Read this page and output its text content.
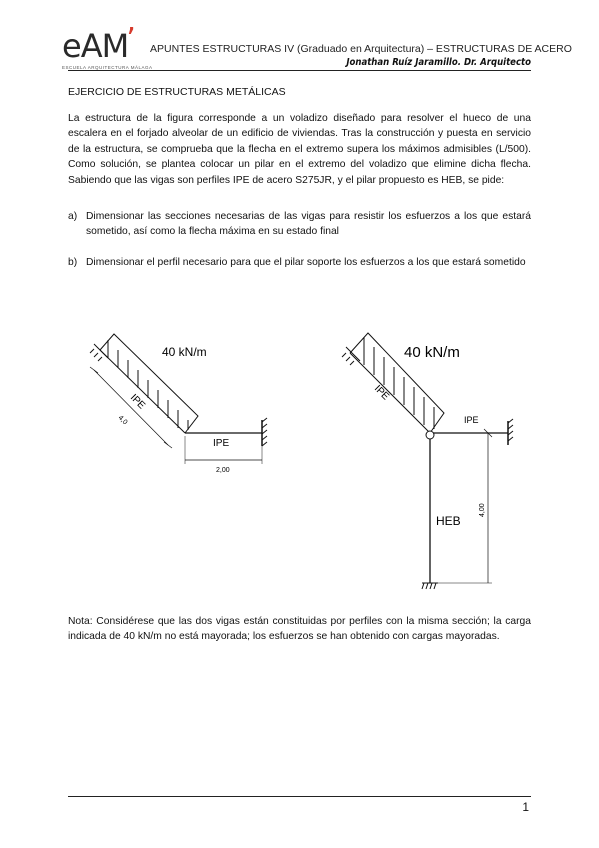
eAM’
ESCUELA ARQUITECTURA MÁLAGA
APUNTES ESTRUCTURAS IV (Graduado en Arquitectura) – ESTRUCTURAS DE ACERO
Jonathan Ruíz Jaramillo. Dr. Arquitecto
EJERCICIO DE ESTRUCTURAS METÁLICAS
La estructura de la figura corresponde a un voladizo diseñado para resolver el hueco de una escalera en el forjado alveolar de un edificio de viviendas. Tras la construcción y puesta en servicio de la estructura, se comprueba que la flecha en el extremo supera los máximos admisibles (L/500). Como solución, se plantea colocar un pilar en el extremo del voladizo que elimine dicha flecha. Sabiendo que las vigas son perfiles IPE de acero S275JR, y el pilar propuesto es HEB, se pide:
a) Dimensionar las secciones necesarias de las vigas para resistir los esfuerzos a los que estará sometido, así como la flecha máxima en su estado final
b) Dimensionar el perfil necesario para que el pilar soporte los esfuerzos a los que estará sometido
40 kN/m
IPE
4,0
IPE
2,00
40 kN/m
IPE
IPE
HEB
4,00
Nota: Considérese que las dos vigas están constituidas por perfiles con la misma sección; la carga indicada de 40 kN/m no está mayorada; los esfuerzos se han obtenido con cargas mayoradas.
1
